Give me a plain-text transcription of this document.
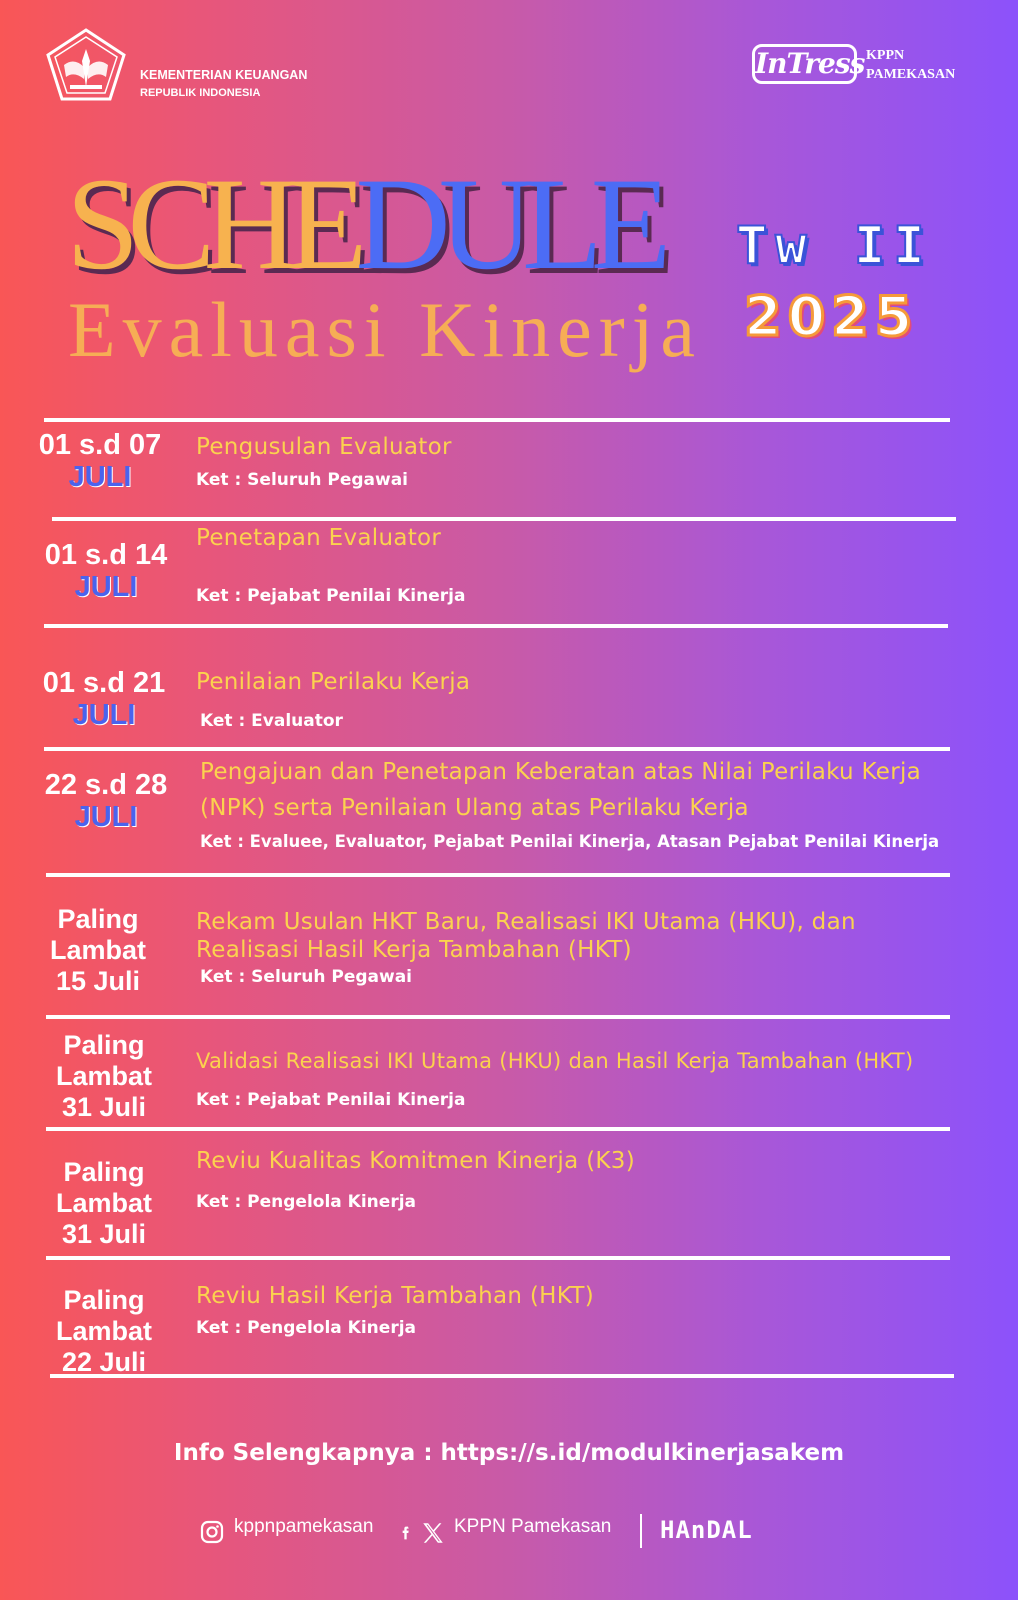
KEMENTERIAN KEUANGAN
REPUBLIK INDONESIA
InTress KPPN
PAMEKASAN
SCHEDULE
Evaluasi Kinerja
Tw II
2025
01 s.d 07
JULI
Pengusulan Evaluator
Ket : Seluruh Pegawai
01 s.d 14
JULI
Penetapan Evaluator
Ket : Pejabat Penilai Kinerja
01 s.d 21
JULI
Penilaian Perilaku Kerja
Ket : Evaluator
22 s.d 28
JULI
Pengajuan dan Penetapan Keberatan atas Nilai Perilaku Kerja (NPK) serta Penilaian Ulang atas Perilaku Kerja
Ket : Evaluee, Evaluator, Pejabat Penilai Kinerja, Atasan Pejabat Penilai Kinerja
Paling
Lambat
15 Juli
Rekam Usulan HKT Baru, Realisasi IKI Utama (HKU), dan Realisasi Hasil Kerja Tambahan (HKT)
Ket : Seluruh Pegawai
Paling
Lambat
31 Juli
Validasi Realisasi IKI Utama (HKU) dan Hasil Kerja Tambahan (HKT)
Ket : Pejabat Penilai Kinerja
Paling
Lambat
31 Juli
Reviu Kualitas Komitmen Kinerja (K3)
Ket : Pengelola Kinerja
Paling
Lambat
22 Juli
Reviu Hasil Kerja Tambahan (HKT)
Ket : Pengelola Kinerja
Info Selengkapnya : https://s.id/modulkinerjasakem
kppnpamekasan	KPPN Pamekasan HAnDAL
